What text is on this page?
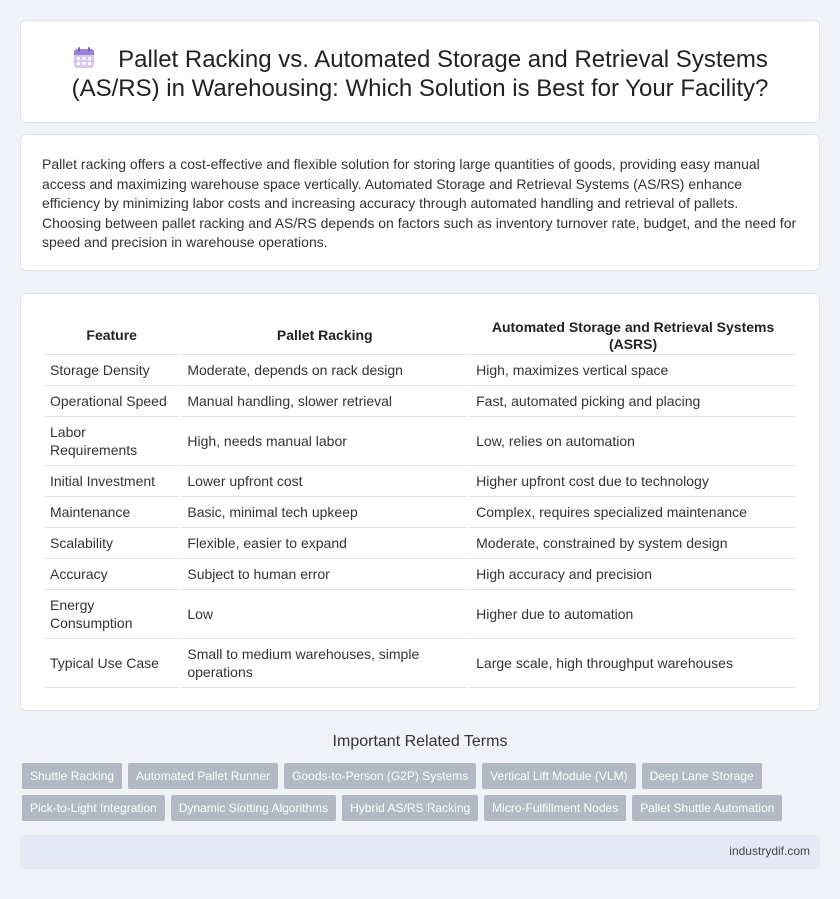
Pallet Racking vs. Automated Storage and Retrieval Systems (AS/RS) in Warehousing: Which Solution is Best for Your Facility?

Pallet racking offers a cost-effective and flexible solution for storing large quantities of goods, providing easy manual access and maximizing warehouse space vertically. Automated Storage and Retrieval Systems (AS/RS) enhance efficiency by minimizing labor costs and increasing accuracy through automated handling and retrieval of pallets. Choosing between pallet racking and AS/RS depends on factors such as inventory turnover rate, budget, and the need for speed and precision in warehouse operations.

Feature	Pallet Racking	Automated Storage and Retrieval Systems (ASRS)
Storage Density	Moderate, depends on rack design	High, maximizes vertical space
Operational Speed	Manual handling, slower retrieval	Fast, automated picking and placing
Labor Requirements	High, needs manual labor	Low, relies on automation
Initial Investment	Lower upfront cost	Higher upfront cost due to technology
Maintenance	Basic, minimal tech upkeep	Complex, requires specialized maintenance
Scalability	Flexible, easier to expand	Moderate, constrained by system design
Accuracy	Subject to human error	High accuracy and precision
Energy Consumption	Low	Higher due to automation
Typical Use Case	Small to medium warehouses, simple operations	Large scale, high throughput warehouses
Important Related Terms
Shuttle Racking	Automated Pallet Runner	Goods-to-Person (G2P) Systems	Vertical Lift Module (VLM)	Deep Lane Storage
Pick-to-Light Integration	Dynamic Slotting Algorithms	Hybrid AS/RS Racking	Micro-Fulfillment Nodes	Pallet Shuttle Automation
industrydif.com
